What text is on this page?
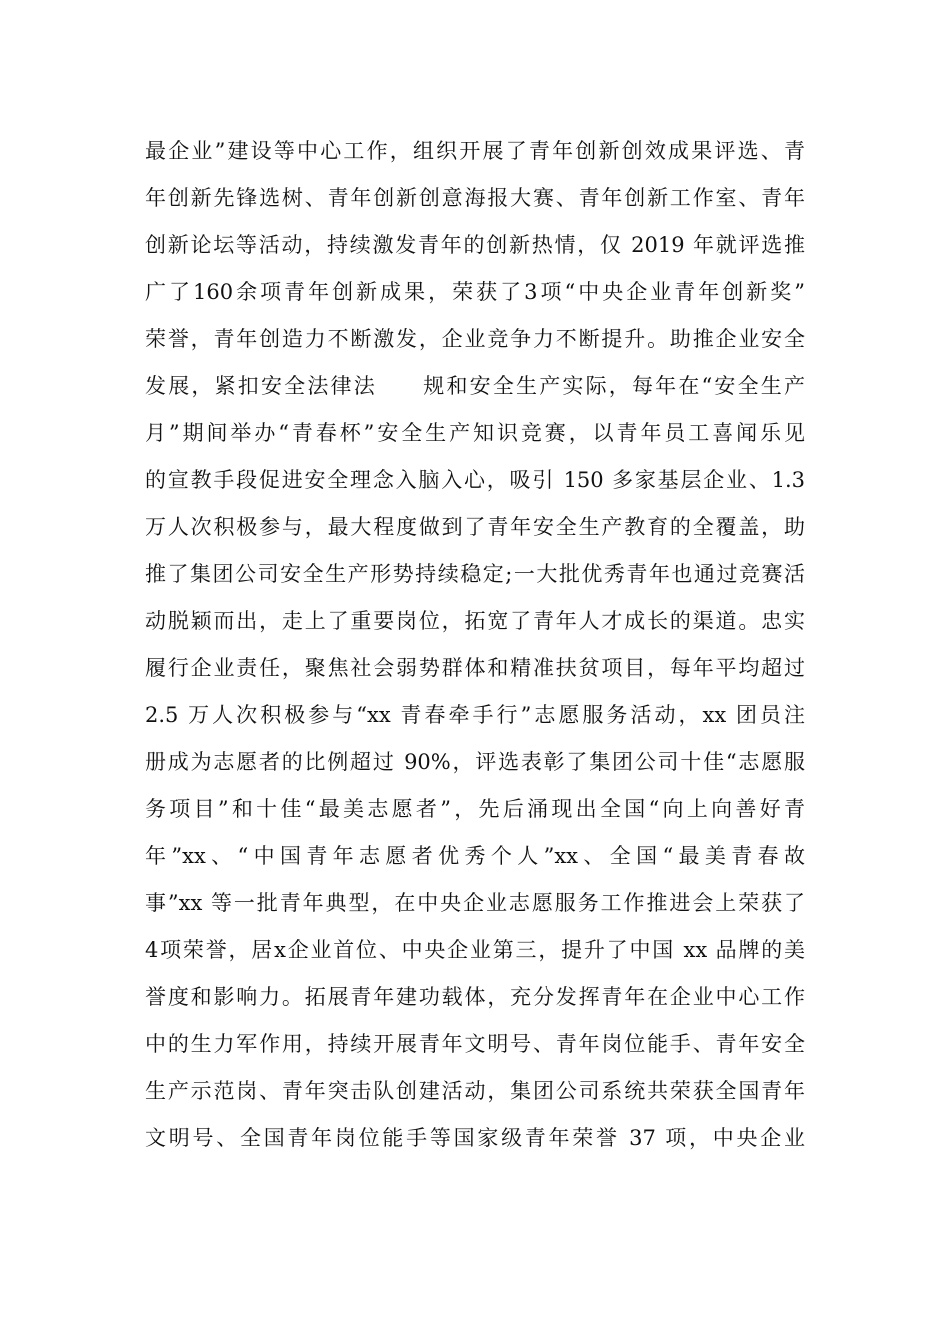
最企业”建设等中心工作，组织开展了青年创新创效成果评选、青
年创新先锋选树、青年创新创意海报大赛、青年创新工作室、青年
创新论坛等活动，持续激发青年的创新热情，仅 2019 年就评选推
广了160余项青年创新成果，荣获了3项“中央企业青年创新奖”
荣誉，青年创造力不断激发，企业竞争力不断提升。助推企业安全
发展，紧扣安全法律法　　规和安全生产实际，每年在“安全生产
月”期间举办“青春杯”安全生产知识竞赛，以青年员工喜闻乐见
的宣教手段促进安全理念入脑入心，吸引 150 多家基层企业、1.3
万人次积极参与，最大程度做到了青年安全生产教育的全覆盖，助
推了集团公司安全生产形势持续稳定;一大批优秀青年也通过竞赛活
动脱颖而出，走上了重要岗位，拓宽了青年人才成长的渠道。忠实
履行企业责任，聚焦社会弱势群体和精准扶贫项目，每年平均超过
2.5 万人次积极参与“xx 青春牵手行”志愿服务活动，xx 团员注
册成为志愿者的比例超过 90%，评选表彰了集团公司十佳“志愿服
务项目”和十佳“最美志愿者”，先后涌现出全国“向上向善好青
年”xx、“中国青年志愿者优秀个人”xx、全国“最美青春故
事”xx 等一批青年典型，在中央企业志愿服务工作推进会上荣获了
4项荣誉，居x企业首位、中央企业第三，提升了中国 xx 品牌的美
誉度和影响力。拓展青年建功载体，充分发挥青年在企业中心工作
中的生力军作用，持续开展青年文明号、青年岗位能手、青年安全
生产示范岗、青年突击队创建活动，集团公司系统共荣获全国青年
文明号、全国青年岗位能手等国家级青年荣誉 37 项，中央企业
